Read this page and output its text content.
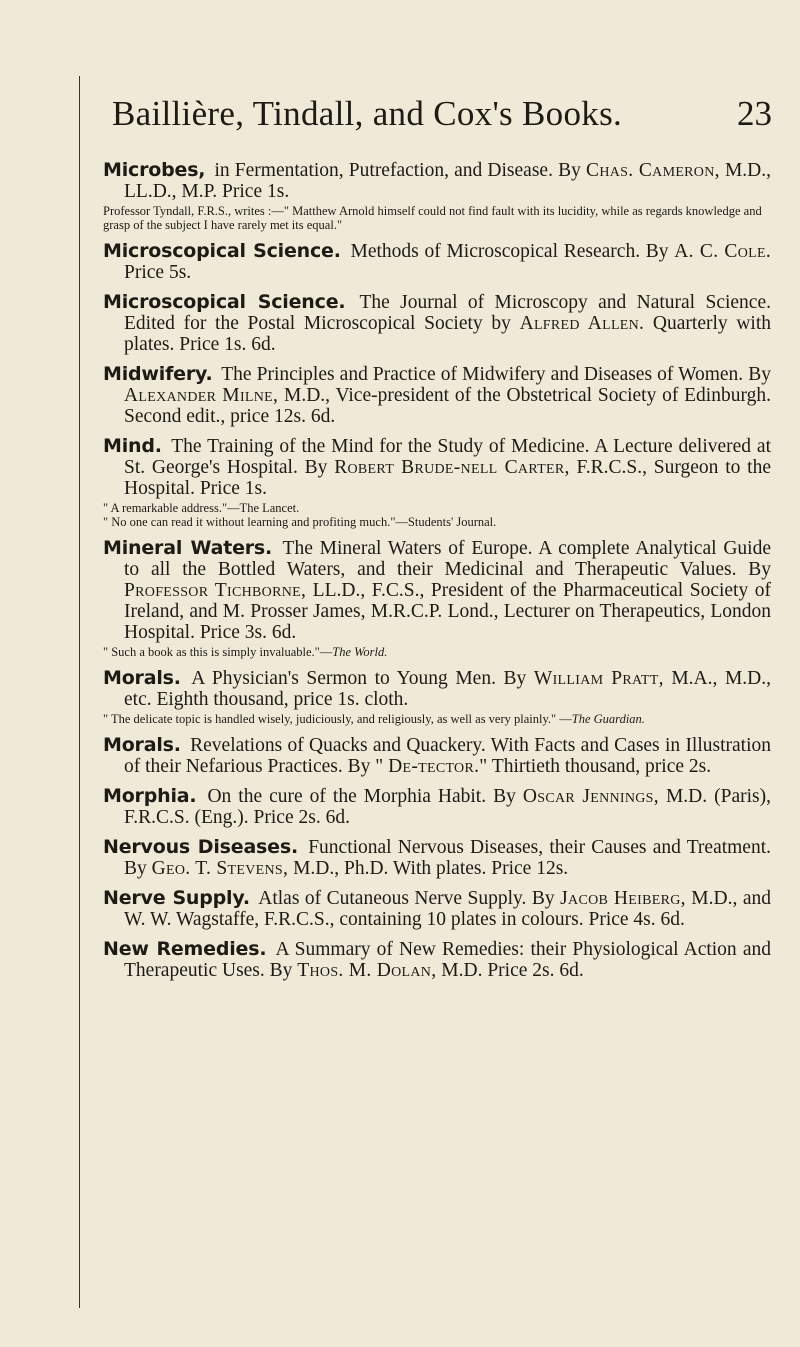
Baillière, Tindall, and Cox's Books.	23
Microbes, in Fermentation, Putrefaction, and Disease. By Chas. Cameron, M.D., LL.D., M.P. Price 1s.
Professor Tyndall, F.R.S., writes :—" Matthew Arnold himself could not find fault with its lucidity, while as regards knowledge and grasp of the subject I have rarely met its equal."
Microscopical Science. Methods of Microscopical Research. By A. C. Cole. Price 5s.
Microscopical Science. The Journal of Microscopy and Natural Science. Edited for the Postal Microscopical Society by Alfred Allen. Quarterly with plates. Price 1s. 6d.
Midwifery. The Principles and Practice of Midwifery and Diseases of Women. By Alexander Milne, M.D., Vice-president of the Obstetrical Society of Edinburgh. Second edit., price 12s. 6d.
Mind. The Training of the Mind for the Study of Medicine. A Lecture delivered at St. George's Hospital. By Robert Brude-nell Carter, F.R.C.S., Surgeon to the Hospital. Price 1s.
" A remarkable address."—The Lancet.
" No one can read it without learning and profiting much."—Students' Journal.
Mineral Waters. The Mineral Waters of Europe. A complete Analytical Guide to all the Bottled Waters, and their Medicinal and Therapeutic Values. By Professor Tichborne, LL.D., F.C.S., President of the Pharmaceutical Society of Ireland, and M. Prosser James, M.R.C.P. Lond., Lecturer on Therapeutics, London Hospital. Price 3s. 6d.
" Such a book as this is simply invaluable."—The World.
Morals. A Physician's Sermon to Young Men. By William Pratt, M.A., M.D., etc. Eighth thousand, price 1s. cloth.
" The delicate topic is handled wisely, judiciously, and religiously, as well as very plainly." —The Guardian.
Morals. Revelations of Quacks and Quackery. With Facts and Cases in Illustration of their Nefarious Practices. By " De-tector." Thirtieth thousand, price 2s.
Morphia. On the cure of the Morphia Habit. By Oscar Jennings, M.D. (Paris), F.R.C.S. (Eng.). Price 2s. 6d.
Nervous Diseases. Functional Nervous Diseases, their Causes and Treatment. By Geo. T. Stevens, M.D., Ph.D. With plates. Price 12s.
Nerve Supply. Atlas of Cutaneous Nerve Supply. By Jacob Heiberg, M.D., and W. W. Wagstaffe, F.R.C.S., containing 10 plates in colours. Price 4s. 6d.
New Remedies. A Summary of New Remedies: their Physiological Action and Therapeutic Uses. By Thos. M. Dolan, M.D. Price 2s. 6d.
